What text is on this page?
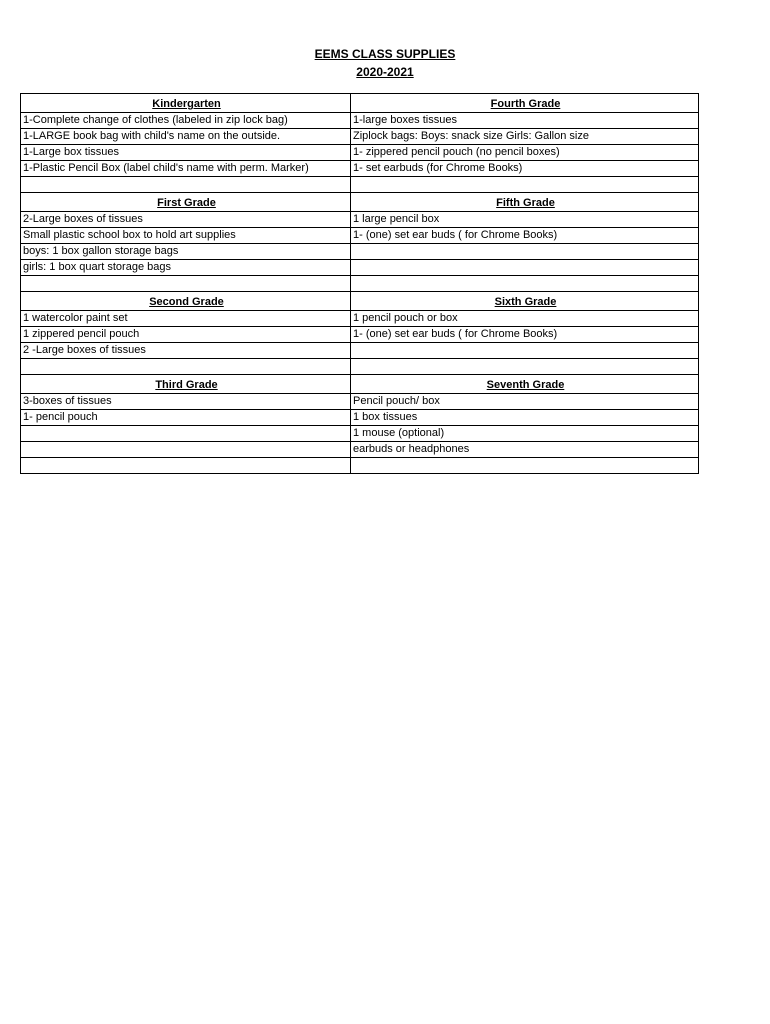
EEMS CLASS SUPPLIES
2020-2021
Kindergarten	Fourth Grade
1-Complete change of clothes (labeled in zip lock bag)	1-large boxes tissues
1-LARGE book bag with child's name on the outside.	Ziplock bags: Boys: snack size Girls: Gallon size
1-Large box tissues	1- zippered pencil pouch (no pencil boxes)
1-Plastic Pencil Box (label child's name with perm. Marker)	1- set earbuds (for Chrome Books)

First Grade	Fifth Grade
2-Large boxes of tissues	1 large pencil box
Small plastic school box to hold art supplies	1- (one) set ear buds ( for Chrome Books)
boys: 1 box gallon storage bags	
girls: 1 box quart storage bags	

Second Grade	Sixth Grade
1 watercolor paint set	1 pencil pouch or box
1 zippered pencil pouch	1- (one) set ear buds ( for Chrome Books)
2 -Large boxes of tissues	

Third Grade	Seventh Grade
3-boxes of tissues	Pencil pouch/ box
1- pencil pouch	1 box tissues
	1 mouse (optional)
	earbuds or headphones
